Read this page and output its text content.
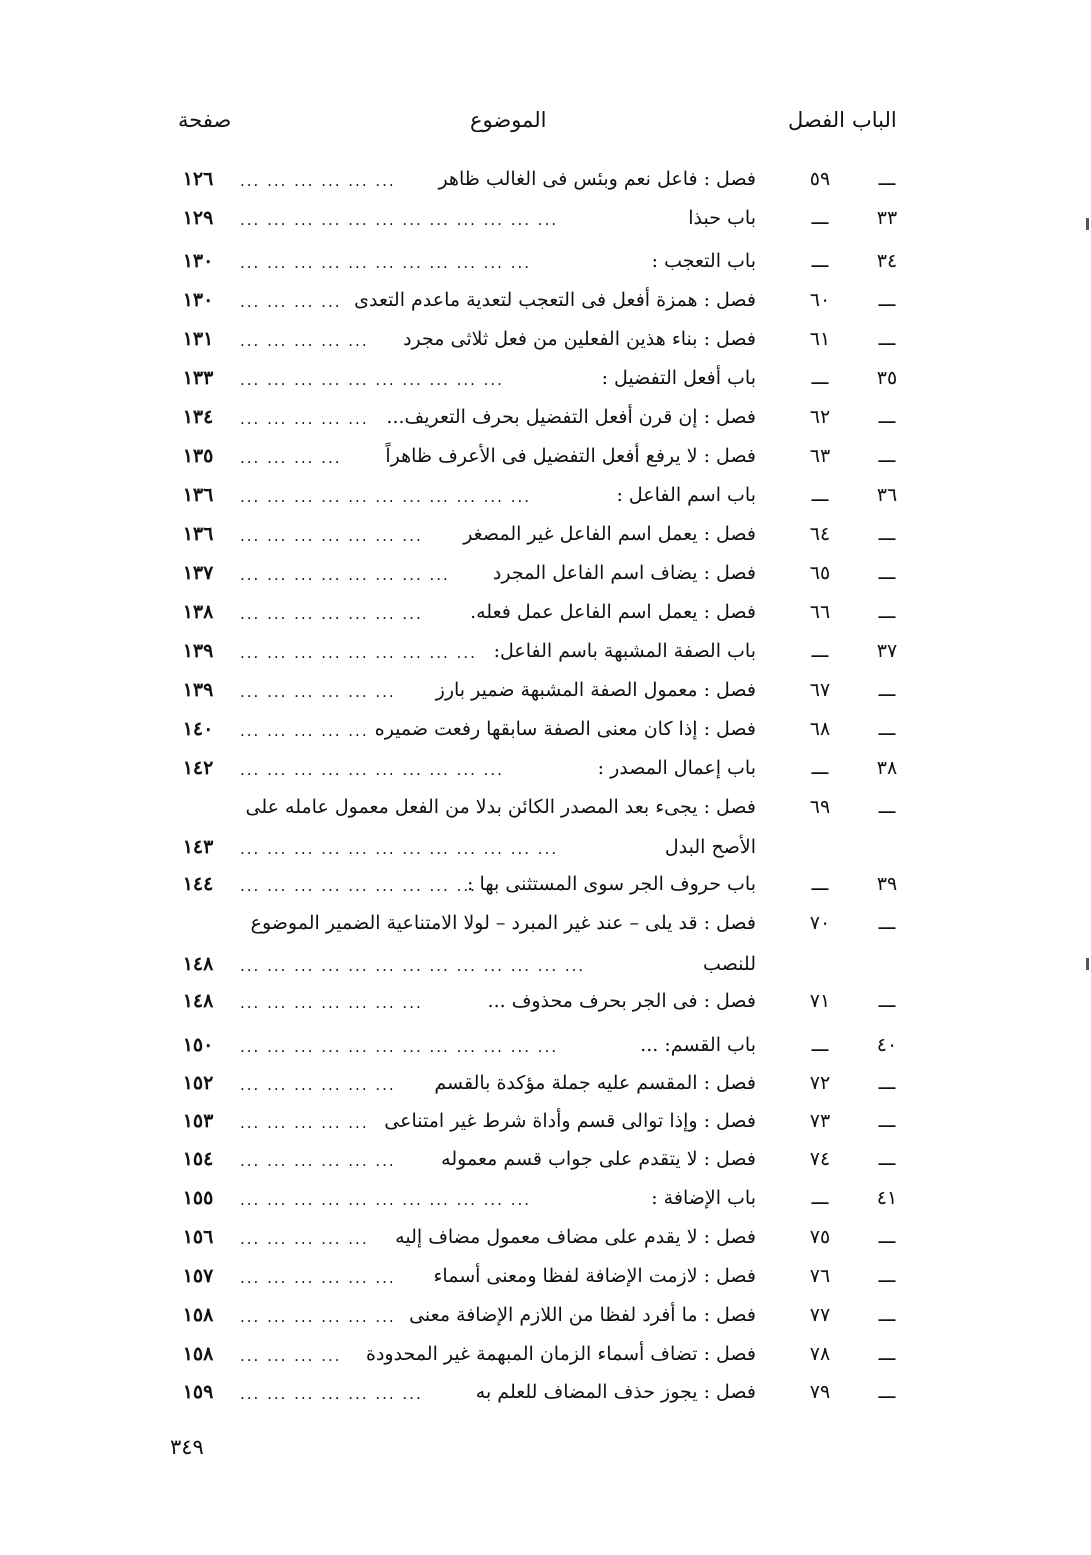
الباب
الفصل
الموضوع
صفحة
ـــ
٥٩
فصل : فاعل نعم وبئس فى الغالب ظاهر
... ... ... ... ... ...
١٢٦
٣٣
ـــ
باب حبذا
... ... ... ... ... ... ... ... ... ... ... ...
١٢٩
٣٤
ـــ
باب التعجب :
... ... ... ... ... ... ... ... ... ... ...
١٣٠
ـــ
٦٠
فصل : همزة أفعل فى التعجب لتعدية ماعدم التعدى
... ... ... ...
١٣٠
ـــ
٦١
فصل : بناء هذين الفعلين من فعل ثلاثى مجرد
... ... ... ... ...
١٣١
٣٥
ـــ
باب أفعل التفضيل :
... ... ... ... ... ... ... ... ... ...
١٣٣
ـــ
٦٢
فصل : إن قرن أفعل التفضيل بحرف التعريف...
... ... ... ... ...
١٣٤
ـــ
٦٣
فصل : لا يرفع أفعل التفضيل فى الأعرف ظاهراً
... ... ... ...
١٣٥
٣٦
ـــ
باب اسم الفاعل :
... ... ... ... ... ... ... ... ... ... ...
١٣٦
ـــ
٦٤
فصل : يعمل اسم الفاعل غير المصغر
... ... ... ... ... ... ...
١٣٦
ـــ
٦٥
فصل : يضاف اسم الفاعل المجرد
... ... ... ... ... ... ... ...
١٣٧
ـــ
٦٦
فصل : يعمل اسم الفاعل عمل فعله.
... ... ... ... ... ... ...
١٣٨
٣٧
ـــ
باب الصفة المشبهة باسم الفاعل:
... ... ... ... ... ... ... ... ...
١٣٩
ـــ
٦٧
فصل : معمول الصفة المشبهة ضمير بارز
... ... ... ... ... ...
١٣٩
ـــ
٦٨
فصل : إذا كان معنى الصفة سابقها رفعت ضميره
... ... ... ... ...
١٤٠
٣٨
ـــ
باب إعمال المصدر :
... ... ... ... ... ... ... ... ... ...
١٤٢
ـــ
٦٩
فصل : يجىء بعد المصدر الكائن بدلا من الفعل معمول عامله على
الأصح البدل
... ... ... ... ... ... ... ... ... ... ... ...
١٤٣
٣٩
ـــ
باب حروف الجر سوى المستثنى بها :
... ... ... ... ... ... ... ... ...
١٤٤
ـــ
٧٠
فصل : قد يلى – عند غير المبرد – لولا الامتناعية الضمير الموضوع
للنصب
... ... ... ... ... ... ... ... ... ... ... ... ...
١٤٨
ـــ
٧١
فصل : فى الجر بحرف محذوف ...
... ... ... ... ... ... ...
١٤٨
٤٠
ـــ
باب القسم: ...
... ... ... ... ... ... ... ... ... ... ... ...
١٥٠
ـــ
٧٢
فصل : المقسم عليه جملة مؤكدة بالقسم
... ... ... ... ... ...
١٥٢
ـــ
٧٣
فصل : وإذا توالى قسم وأداة شرط غير امتناعى
... ... ... ... ...
١٥٣
ـــ
٧٤
فصل : لا يتقدم على جواب قسم معموله
... ... ... ... ... ...
١٥٤
٤١
ـــ
باب الإضافة :
... ... ... ... ... ... ... ... ... ... ...
١٥٥
ـــ
٧٥
فصل : لا يقدم على مضاف معمول مضاف إليه
... ... ... ... ...
١٥٦
ـــ
٧٦
فصل : لازمت الإضافة لفظا ومعنى أسماء
... ... ... ... ... ...
١٥٧
ـــ
٧٧
فصل : ما أفرد لفظا من اللازم الإضافة معنى
... ... ... ... ... ...
١٥٨
ـــ
٧٨
فصل : تضاف أسماء الزمان المبهمة غير المحدودة
... ... ... ...
١٥٨
ـــ
٧٩
فصل : يجوز حذف المضاف للعلم به
... ... ... ... ... ... ...
١٥٩
٣٤٩
